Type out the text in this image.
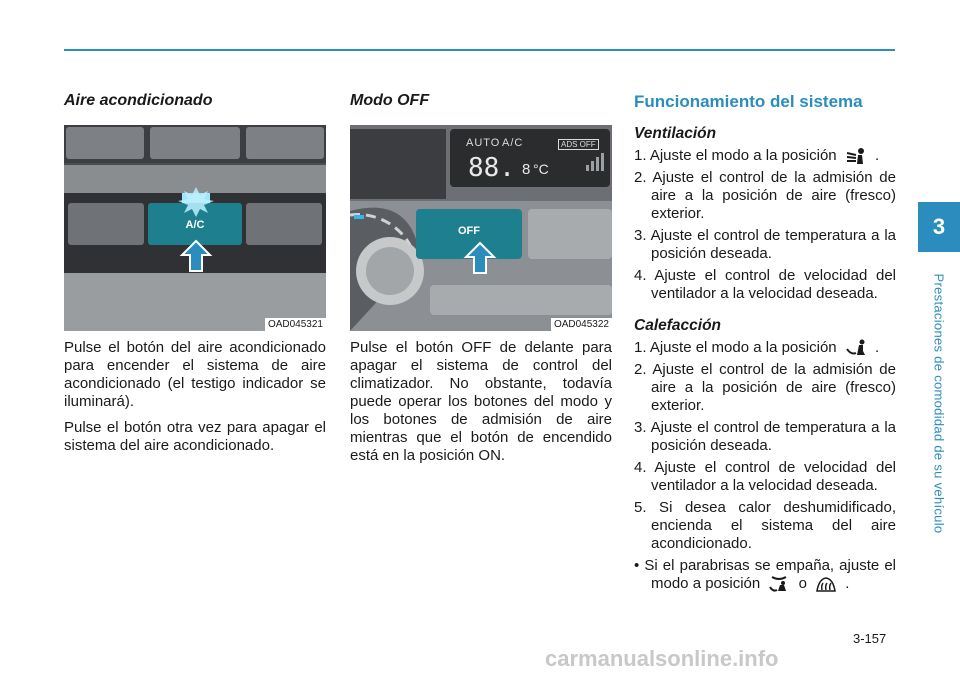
Aire acondicionado
A/C
OAD045321

Pulse el botón del aire acondicionado para encender el sistema de aire acondicionado (el testigo indicador se iluminará).

Pulse el botón otra vez para apagar el sistema del aire acondicionado.

Modo OFF
AUTO A/C	ADS OFF
88. 8 °C
OFF
OAD045322

Pulse el botón OFF de delante para apagar el sistema de control del climatizador. No obstante, todavía puede operar los botones del modo y los botones de admisión de aire mientras que el botón de encendido está en la posición ON.

Funcionamiento del sistema
Ventilación
1. Ajuste el modo a la posición	.
2. Ajuste el control de la admisión de aire a la posición de aire (fresco) exterior.
3. Ajuste el control de temperatura a la posición deseada.
4. Ajuste el control de velocidad del ventilador a la velocidad deseada.
Calefacción
1. Ajuste el modo a la posición	.
2. Ajuste el control de la admisión de aire a la posición de aire (fresco) exterior.
3. Ajuste el control de temperatura a la posición deseada.
4. Ajuste el control de velocidad del ventilador a la velocidad deseada.
5. Si desea calor deshumidificado, encienda el sistema del aire acondicionado.
• Si el parabrisas se empaña, ajuste el modo a posición	o	.
3
Prestaciones de comodidad de su vehículo
3-157
carmanualsonline.info
